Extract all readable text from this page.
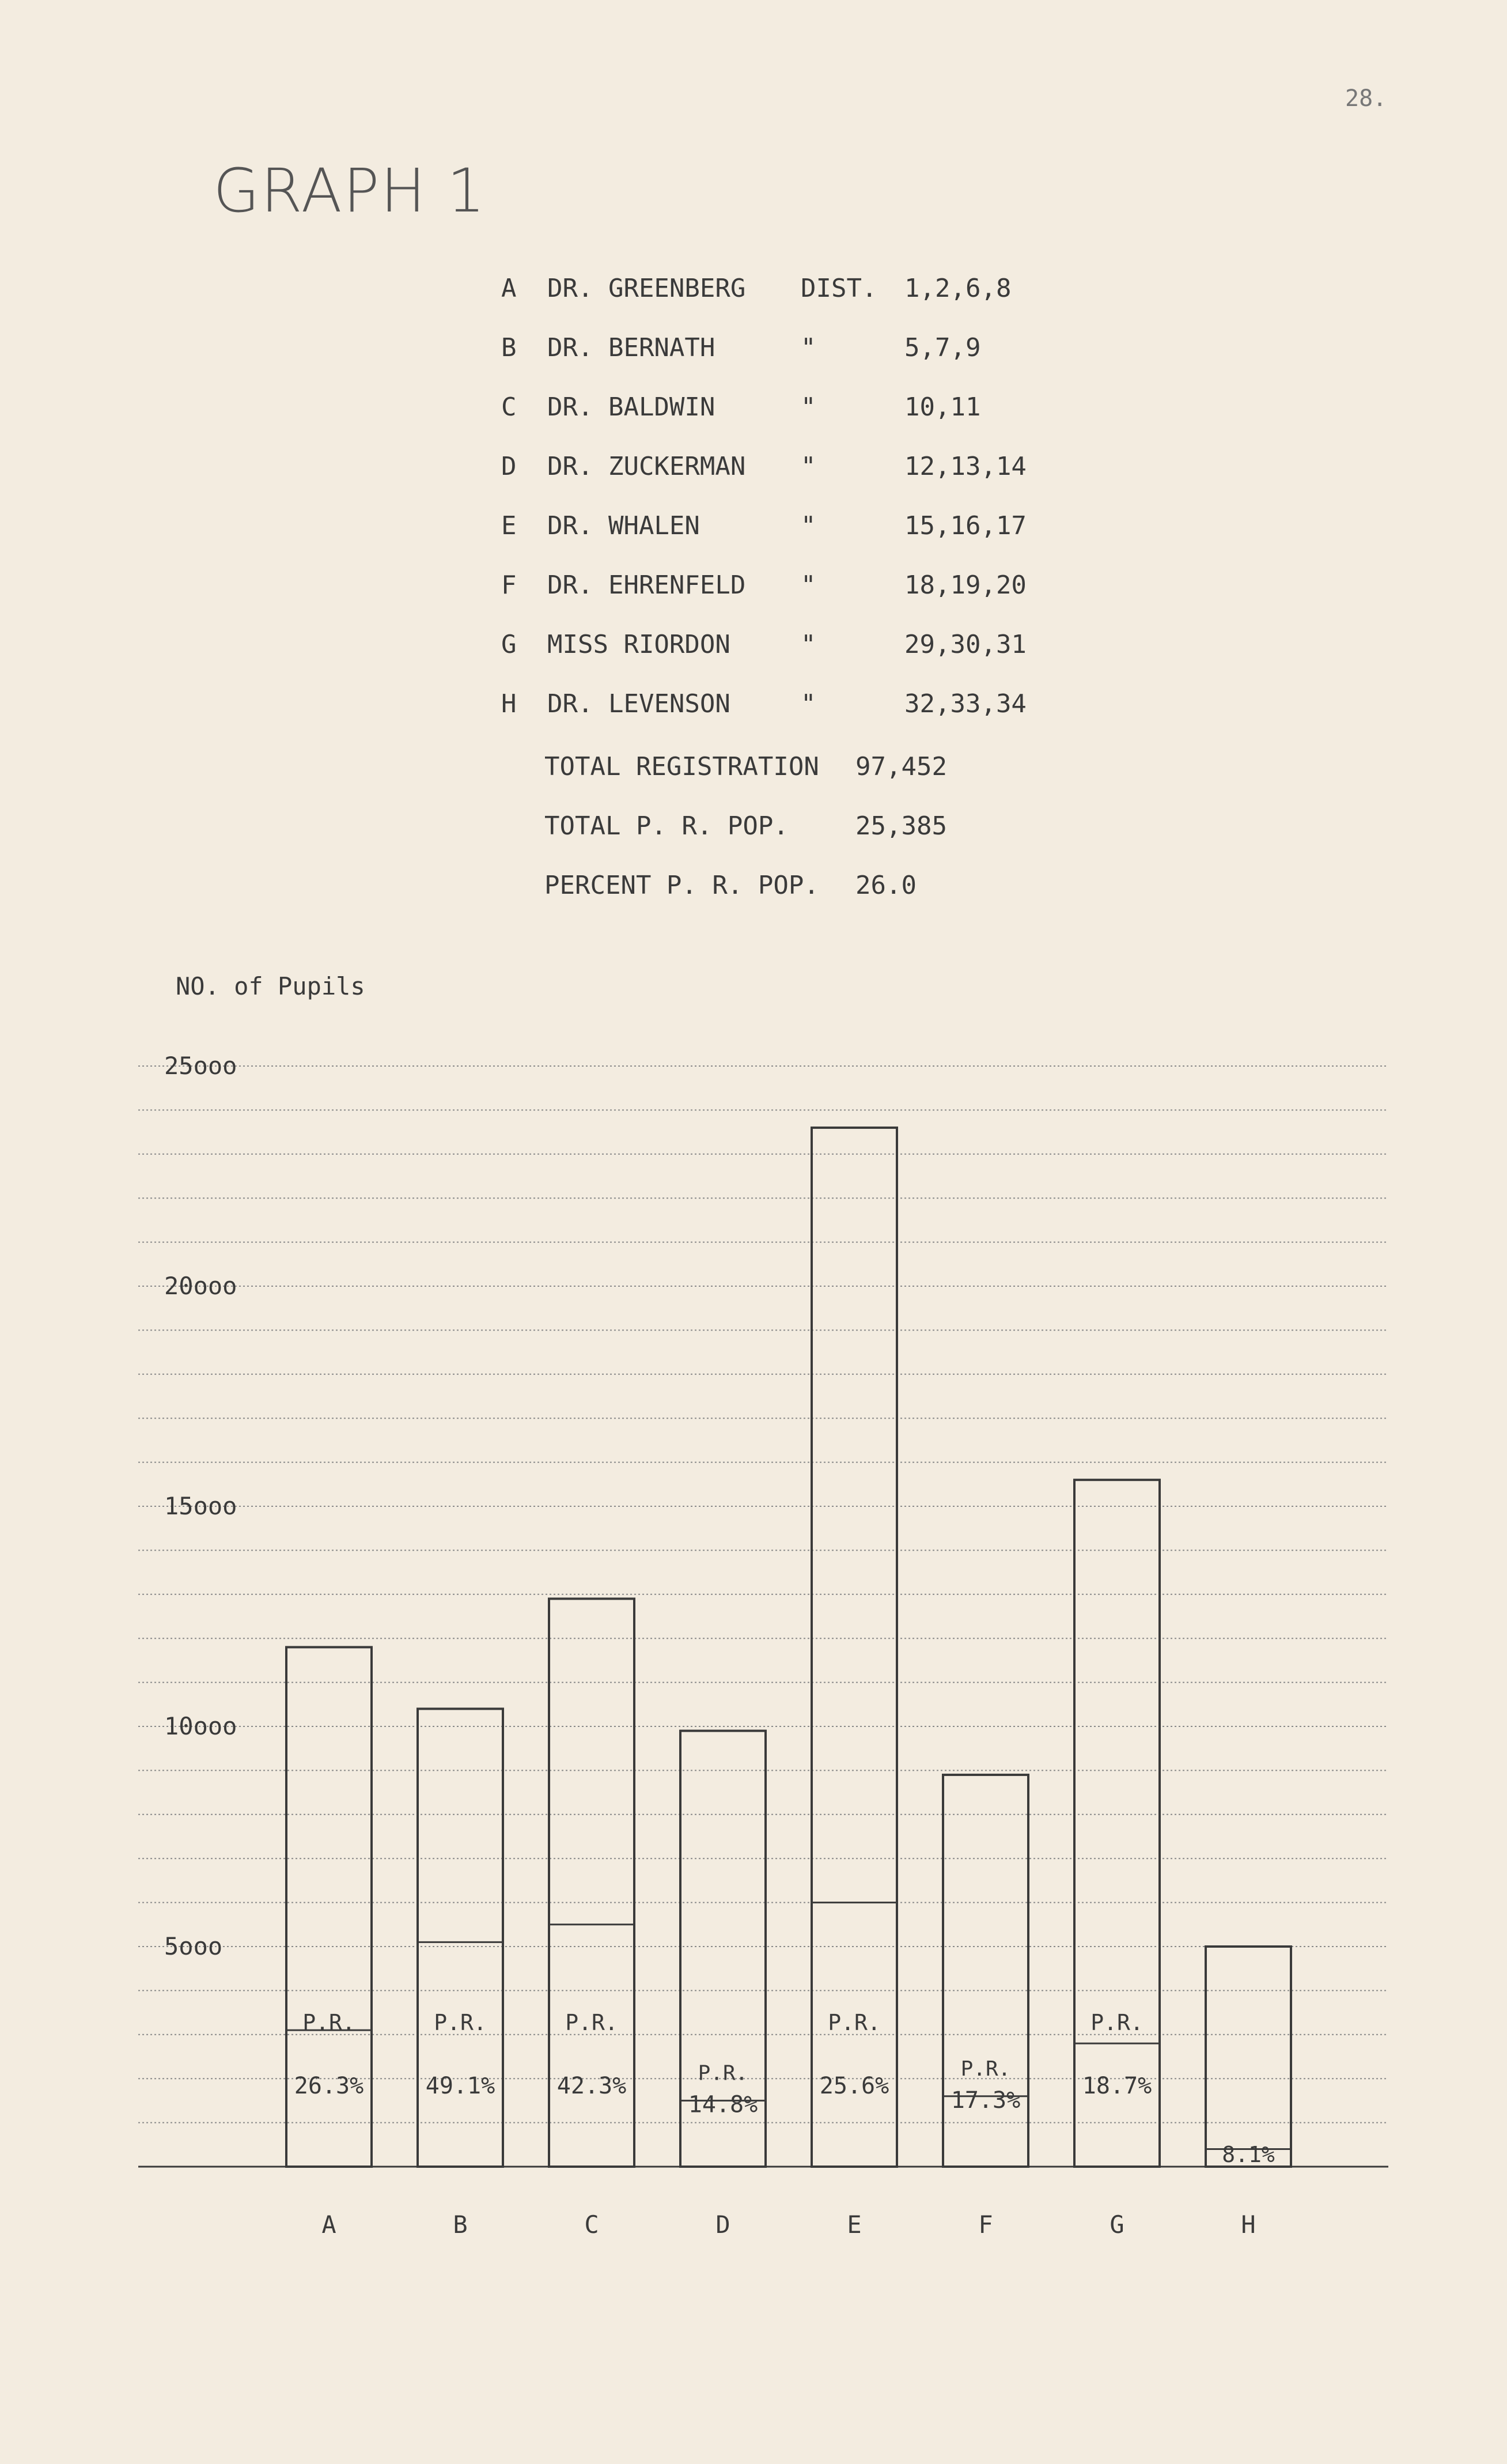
28.
GRAPH 1
A DR. GREENBERG DIST. 1,2,6,8
B DR. BERNATH	"	5,7,9
C DR. BALDWIN	"	10,11
D DR. ZUCKERMAN "	12,13,14
E DR. WHALEN	"	15,16,17
F DR. EHRENFELD "	18,19,20
G MISS RIORDON	"	29,30,31
H DR. LEVENSON	"	32,33,34
TOTAL REGISTRATION 97,452
TOTAL P. R. POP.	25,385
PERCENT P. R. POP. 26.0
NO. of Pupils
25ooo
20ooo
15ooo
10ooo
5ooo
P.R.
26.3%
A
P.R.
49.1%
B
P.R.
42.3%
C
P.R.
14.8%
D
P.R.
25.6%
E
P.R.
17.3%
F
P.R.
18.7%
G
8.1%
H
